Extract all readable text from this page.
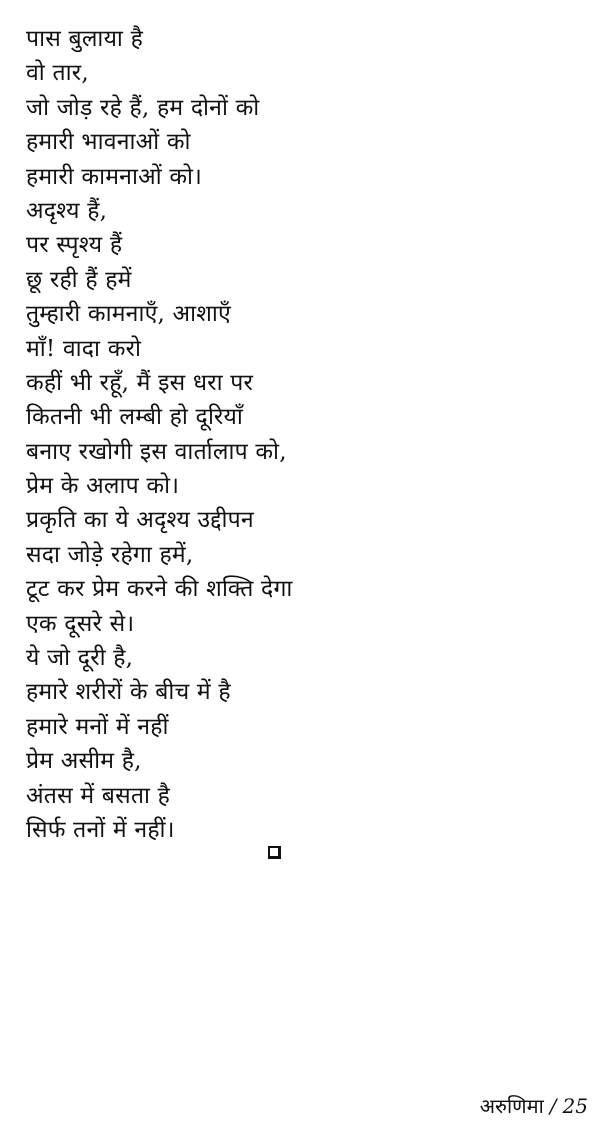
पास बुलाया है
वो तार,
जो जोड़ रहे हैं, हम दोनों को
हमारी भावनाओं को
हमारी कामनाओं को।
अदृश्य हैं,
पर स्पृश्य हैं
छू रही हैं हमें
तुम्हारी कामनाएँ, आशाएँ
माँ! वादा करो
कहीं भी रहूँ, मैं इस धरा पर
कितनी भी लम्बी हो दूरियाँ
बनाए रखोगी इस वार्तालाप को,
प्रेम के अलाप को।
प्रकृति का ये अदृश्य उद्दीपन
सदा जोड़े रहेगा हमें,
टूट कर प्रेम करने की शक्ति देगा
एक दूसरे से।
ये जो दूरी है,
हमारे शरीरों के बीच में है
हमारे मनों में नहीं
प्रेम असीम है,
अंतस में बसता है
सिर्फ तनों में नहीं।
अरुणिमा / 25
